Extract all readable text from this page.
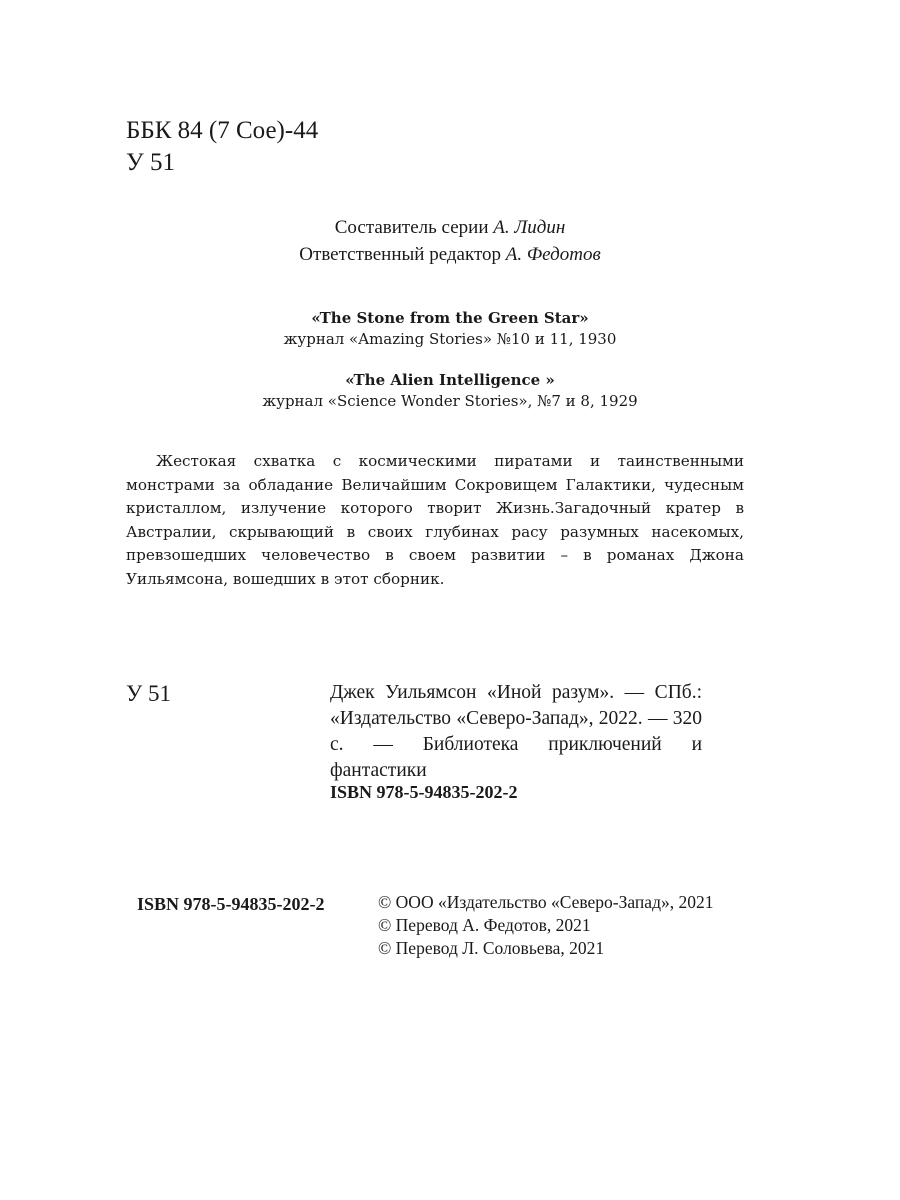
ББК 84 (7 Сое)-44
У 51
Составитель серии А. Лидин
Ответственный редактор А. Федотов
«The Stone from the Green Star»
журнал «Amazing Stories» №10 и 11, 1930
«The Alien Intelligence »
журнал «Science Wonder Stories», №7 и 8, 1929
Жестокая схватка с космическими пиратами и таинственными монстрами за обладание Величайшим Сокровищем Галактики, чудесным кристаллом, излучение которого творит Жизнь.Загадочный кратер в Австралии, скрывающий в своих глубинах расу разумных насекомых, превзошедших человечество в своем развитии – в романах Джона Уильямсона, вошедших в этот сборник.
У 51	Джек Уильямсон «Иной разум». — СПб.: «Издательство «Северо-Запад», 2022. — 320 с. — Библиотека приключений и фантастики
ISBN 978-5-94835-202-2
ISBN 978-5-94835-202-2	© ООО «Издательство «Северо-Запад», 2021
© Перевод А. Федотов, 2021
© Перевод Л. Соловьева, 2021
